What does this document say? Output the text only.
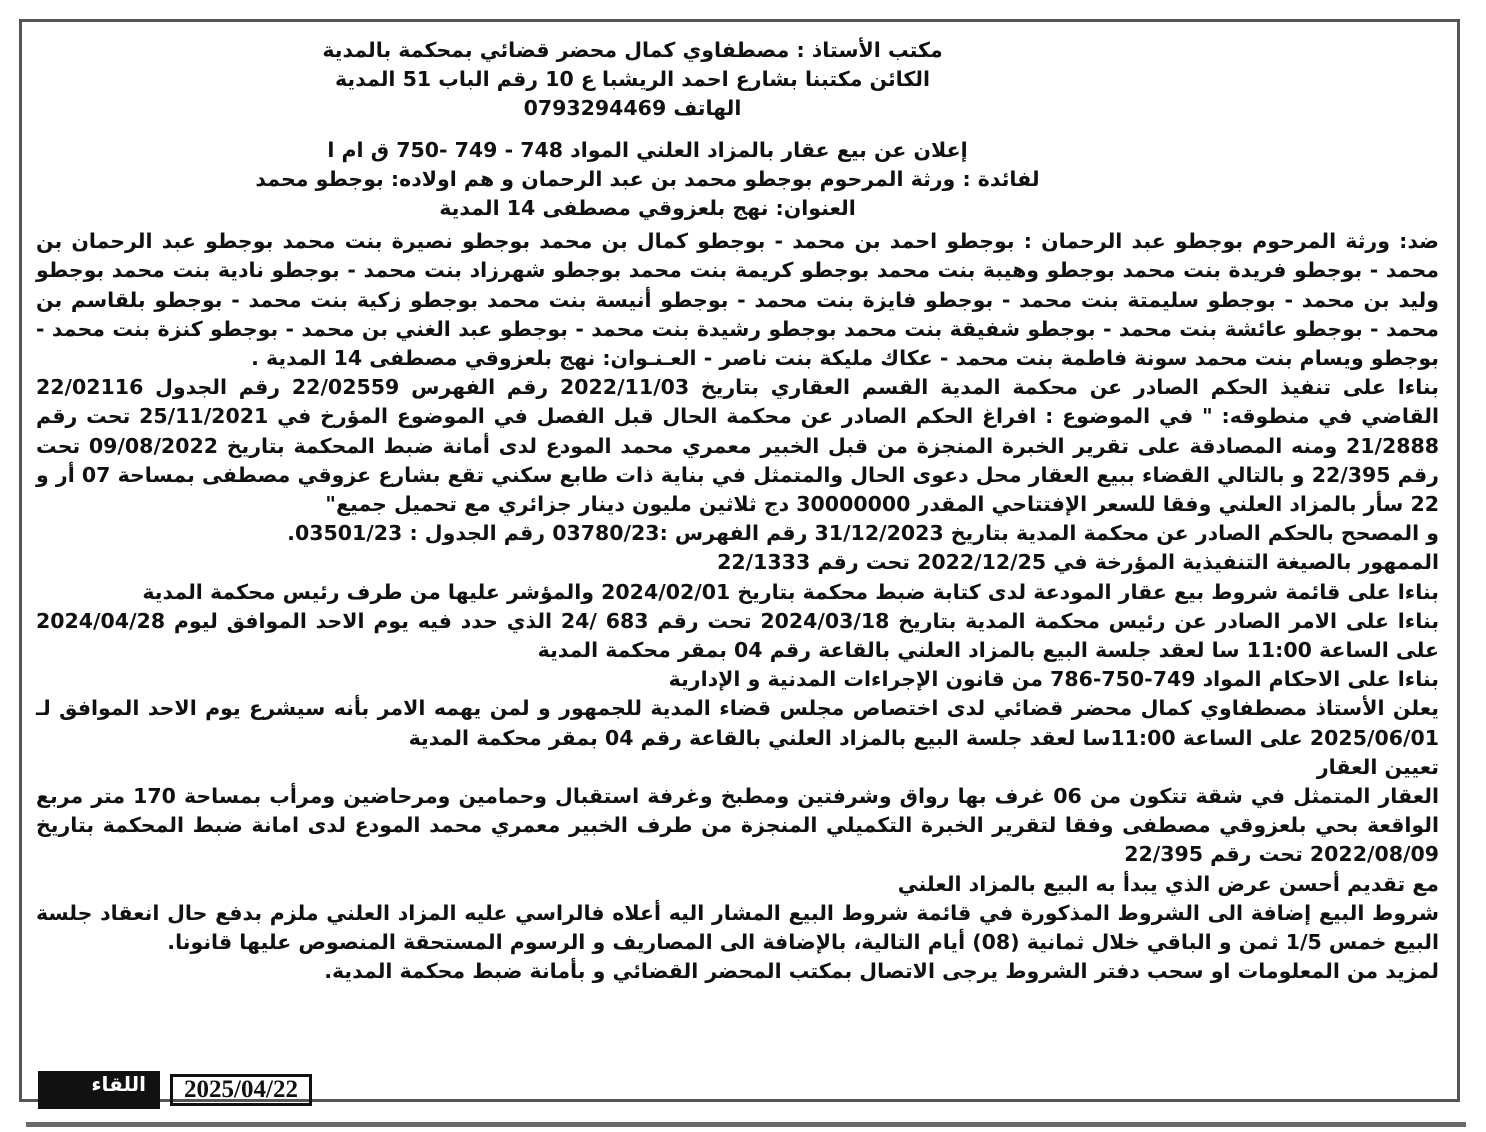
مكتب الأستاذ : مصطفاوي كمال محضر قضائي بمحكمة بالمدية
الكائن مكتبنا بشارع احمد الريشبا ع 10 رقم الباب 51 المدية
الهاتف 0793294469
إعلان عن بيع عقار بالمزاد العلني المواد 748 - 749 -750 ق ام ا
لفائدة : ورثة المرحوم بوجطو محمد بن عبد الرحمان و هم اولاده: بوجطو محمد
العنوان: نهج بلعزوقي مصطفى 14 المدية

ضد: ورثة المرحوم بوجطو عبد الرحمان : بوجطو احمد بن محمد - بوجطو كمال بن محمد بوجطو نصيرة بنت محمد بوجطو عبد الرحمان بن محمد - بوجطو فريدة بنت محمد بوجطو وهيبة بنت محمد بوجطو كريمة بنت محمد بوجطو شهرزاد بنت محمد - بوجطو نادية بنت محمد بوجطو وليد بن محمد - بوجطو سليمتة بنت محمد - بوجطو فايزة بنت محمد - بوجطو أنيسة بنت محمد بوجطو زكية بنت محمد - بوجطو بلقاسم بن محمد - بوجطو عائشة بنت محمد - بوجطو شفيقة بنت محمد بوجطو رشيدة بنت محمد - بوجطو عبد الغني بن محمد - بوجطو كنزة بنت محمد - بوجطو ويسام بنت محمد سونة فاطمة بنت محمد - عكاك مليكة بنت ناصر - العـنـوان: نهج بلعزوقي مصطفى 14 المدية .

بناءا على تنفيذ الحكم الصادر عن محكمة المدية القسم العقاري بتاريخ 2022/11/03 رقم الفهرس 22/02559 رقم الجدول 22/02116 القاضي في منطوقه: " في الموضوع : افراغ الحكم الصادر عن محكمة الحال قبل الفصل في الموضوع المؤرخ في 25/11/2021 تحت رقم 21/2888 ومنه المصادقة على تقرير الخبرة المنجزة من قبل الخبير معمري محمد المودع لدى أمانة ضبط المحكمة بتاريخ 09/08/2022 تحت رقم 22/395 و بالتالي القضاء ببيع العقار محل دعوى الحال والمتمثل في بناية ذات طابع سكني تقع بشارع عزوقي مصطفى بمساحة 07 أر و 22 سأر بالمزاد العلني وفقا للسعر الإفتتاحي المقدر 30000000 دج ثلاثين مليون دينار جزائري مع تحميل جميع"

و المصحح بالحكم الصادر عن محكمة المدية بتاريخ 31/12/2023 رقم الفهرس :03780/23 رقم الجدول : 03501/23.

الممهور بالصيغة التنفيذية المؤرخة في 2022/12/25 تحت رقم 22/1333

بناءا على قائمة شروط بيع عقار المودعة لدى كتابة ضبط محكمة بتاريخ 2024/02/01 والمؤشر عليها من طرف رئيس محكمة المدية

بناءا على الامر الصادر عن رئيس محكمة المدية بتاريخ 2024/03/18 تحت رقم 683 /24 الذي حدد فيه يوم الاحد الموافق ليوم 2024/04/28 على الساعة 11:00 سا لعقد جلسة البيع بالمزاد العلني بالقاعة رقم 04 بمقر محكمة المدية

بناءا على الاحكام المواد 749-750-786 من قانون الإجراءات المدنية و الإدارية

يعلن الأستاذ مصطفاوي كمال محضر قضائي لدى اختصاص مجلس قضاء المدية للجمهور و لمن يهمه الامر بأنه سيشرع يوم الاحد الموافق لـ 2025/06/01 على الساعة 11:00سا لعقد جلسة البيع بالمزاد العلني بالقاعة رقم 04 بمقر محكمة المدية

تعيين العقار

العقار المتمثل في شقة تتكون من 06 غرف بها رواق وشرفتين ومطبخ وغرفة استقبال وحمامين ومرحاضين ومرأب بمساحة 170 متر مربع الواقعة بحي بلعزوقي مصطفى وفقا لتقرير الخبرة التكميلي المنجزة من طرف الخبير معمري محمد المودع لدى امانة ضبط المحكمة بتاريخ 2022/08/09 تحت رقم 22/395

مع تقديم أحسن عرض الذي يبدأ به البيع بالمزاد العلني

شروط البيع إضافة الى الشروط المذكورة في قائمة شروط البيع المشار اليه أعلاه فالراسي عليه المزاد العلني ملزم بدفع حال انعقاد جلسة البيع خمس 1/5 ثمن و الباقي خلال ثمانية (08) أيام التالية، بالإضافة الى المصاريف و الرسوم المستحقة المنصوص عليها قانونا.

لمزيد من المعلومات او سحب دفتر الشروط يرجى الاتصال بمكتب المحضر القضائي و بأمانة ضبط محكمة المدية.

اللقاء	2025/04/22
